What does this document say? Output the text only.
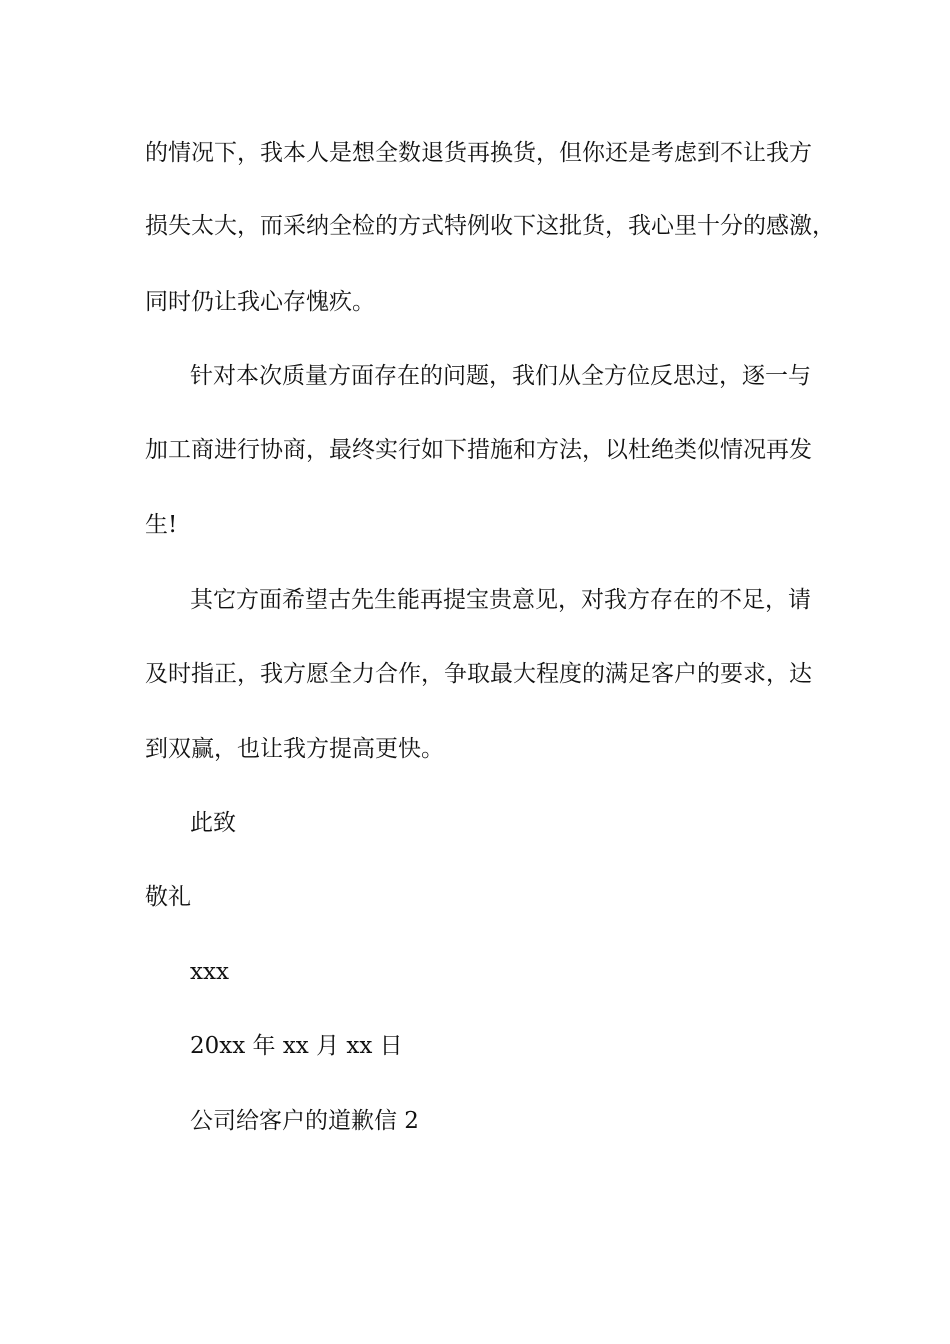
的情况下，我本人是想全数退货再换货，但你还是考虑到不让我方
损失太大，而采纳全检的方式特例收下这批货，我心里十分的感激，
同时仍让我心存愧疚。
针对本次质量方面存在的问题，我们从全方位反思过，逐一与
加工商进行协商，最终实行如下措施和方法，以杜绝类似情况再发
生!
其它方面希望古先生能再提宝贵意见，对我方存在的不足，请
及时指正，我方愿全力合作，争取最大程度的满足客户的要求，达
到双赢，也让我方提高更快。
此致
敬礼
xxx
20xx 年 xx 月 xx 日
公司给客户的道歉信 2
